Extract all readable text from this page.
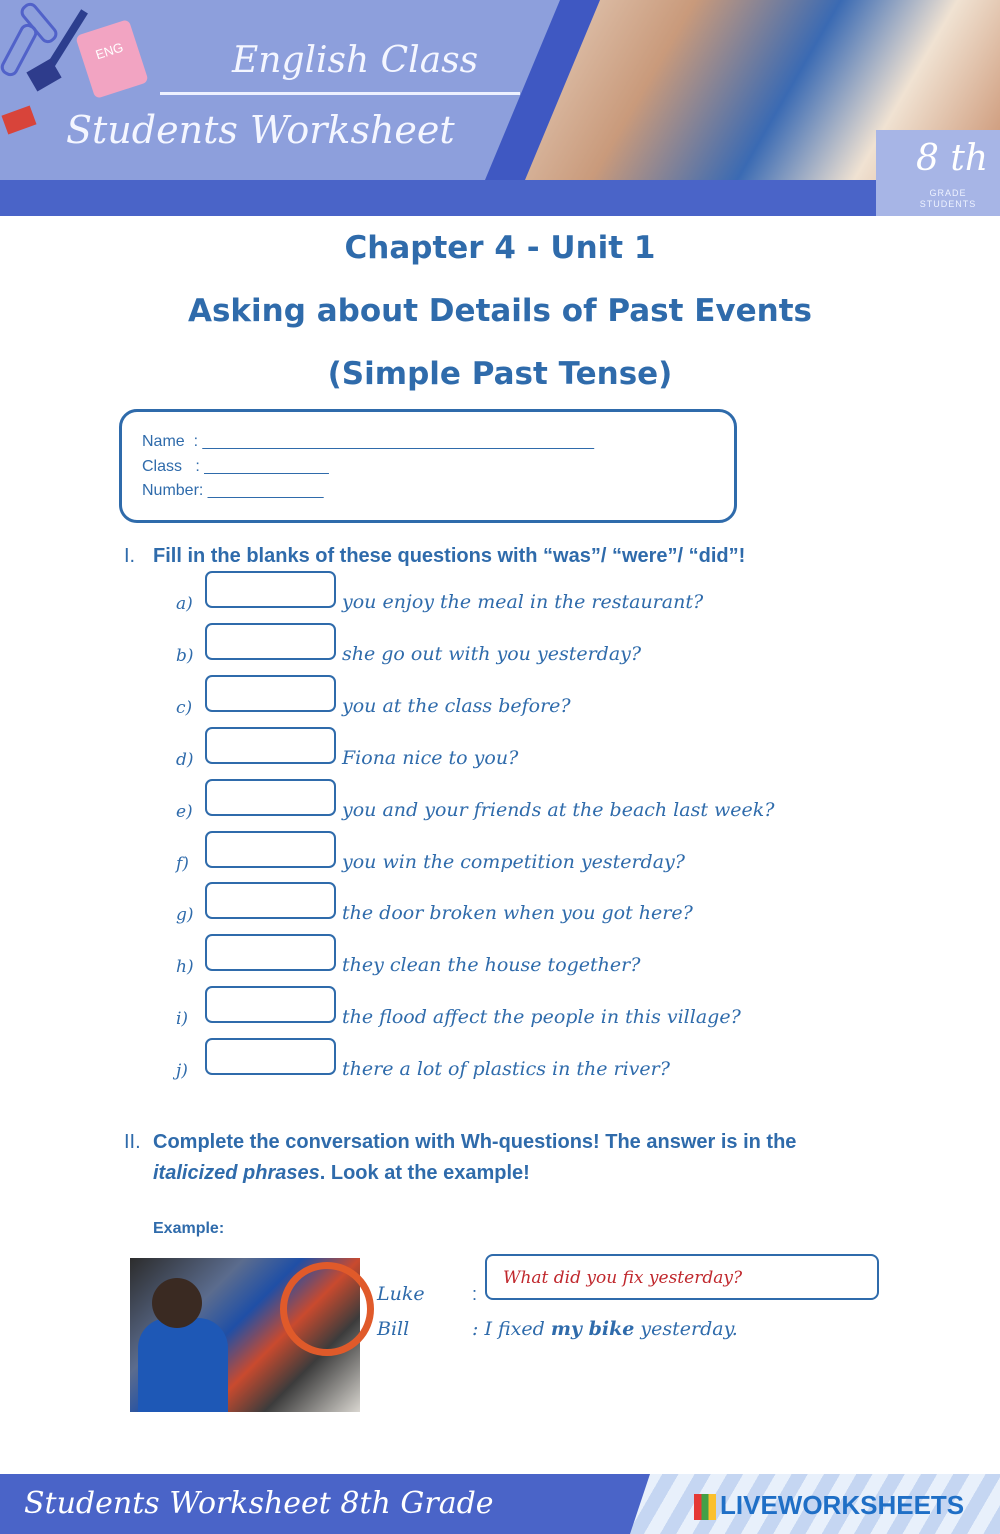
ENG	English Class
Students Worksheet
8 th
GRADE
STUDENTS
Chapter 4 - Unit 1
Asking about Details of Past Events
(Simple Past Tense)
Name  : ____________________________________________
Class   : ______________
Number: _____________
I. Fill in the blanks of these questions with “was”/ “were”/ “did”!
a)	you enjoy the meal in the restaurant?
b)	she go out with you yesterday?
c)	you at the class before?
d)	Fiona nice to you?
e)	you and your friends at the beach last week?
f)	you win the competition yesterday?
g)	the door broken when you got here?
h)	they clean the house together?
i)	the flood affect the people in this village?
j)	there a lot of plastics in the river?
II. Complete the conversation with Wh-questions! The answer is in the
italicized phrases. Look at the example!
Example:
Luke	:
What did you fix yesterday?
Bill	: I fixed my bike yesterday.
Students Worksheet 8th Grade	LIVEWORKSHEETS
